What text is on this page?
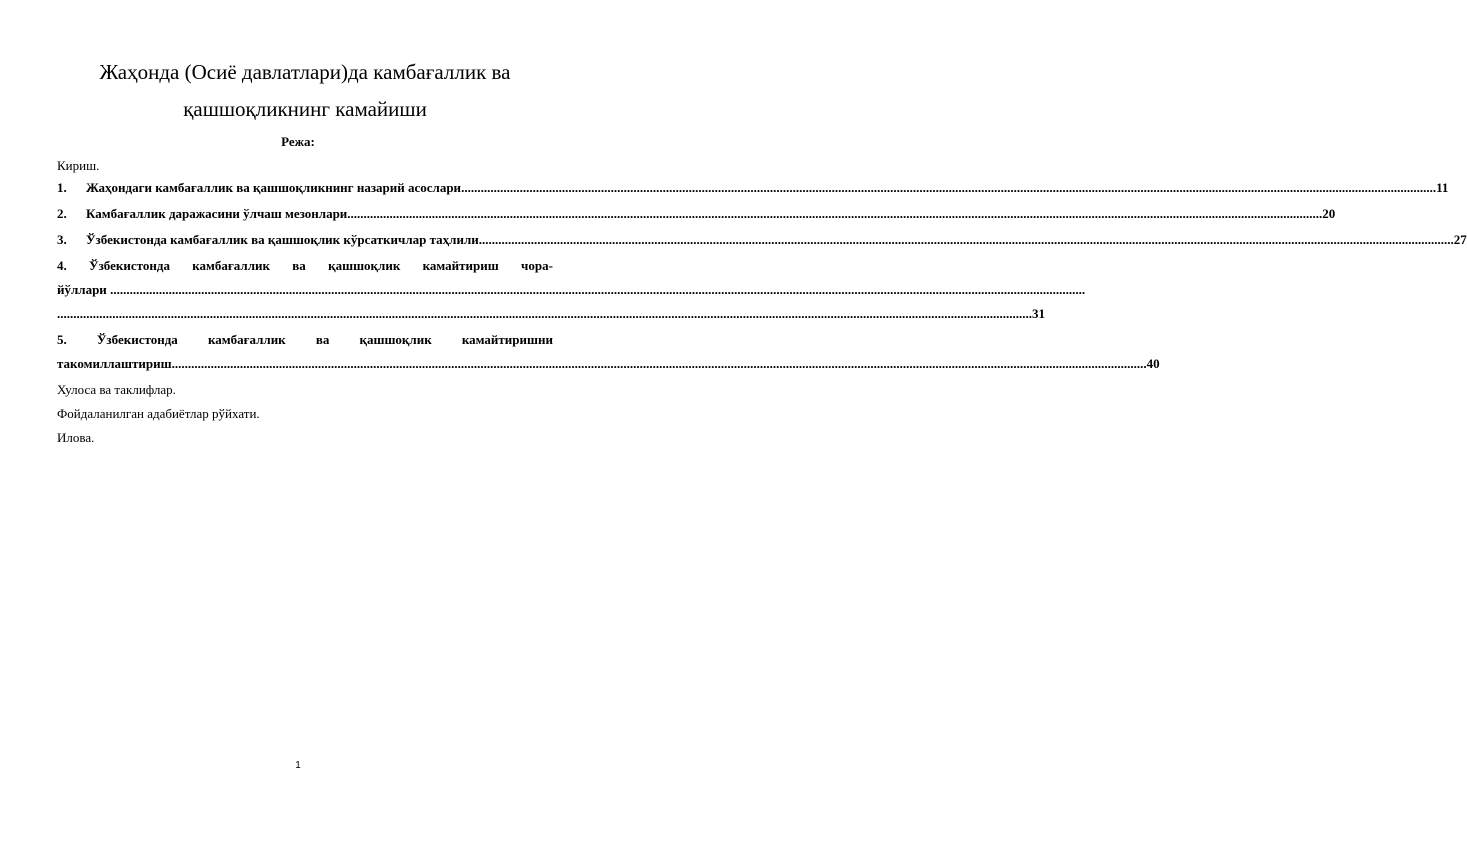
Жаҳонда (Осиё давлатлари)да камбағаллик ва
қашшоқликнинг камайиши
Режа:
Кириш.
1.	Жаҳондаги камбағаллик ва қашшоқликнинг назарий асослари ............................................................................................................................................................................................................................................................................................................ 11
2.	Камбағаллик даражасини ўлчаш мезонлари ............................................................................................................................................................................................................................................................................................................ 20
3.	Ўзбекистонда камбағаллик ва қашшоқлик кўрсаткичлар таҳлили ............................................................................................................................................................................................................................................................................................................ 27
4. Ўзбекистонда камбағаллик ва қашшоқлик камайтириш чора-
йўллари
............................................................................................................................................................................................................................................................................................................
............................................................................................................................................................................................................................................................................................................ 31
5. Ўзбекистонда камбағаллик ва қашшоқлик камайтиришни
такомиллаштириш ............................................................................................................................................................................................................................................................................................................ 40
Хулоса ва таклифлар.
Фойдаланилган адабиётлар рўйхати.
Илова.
1
